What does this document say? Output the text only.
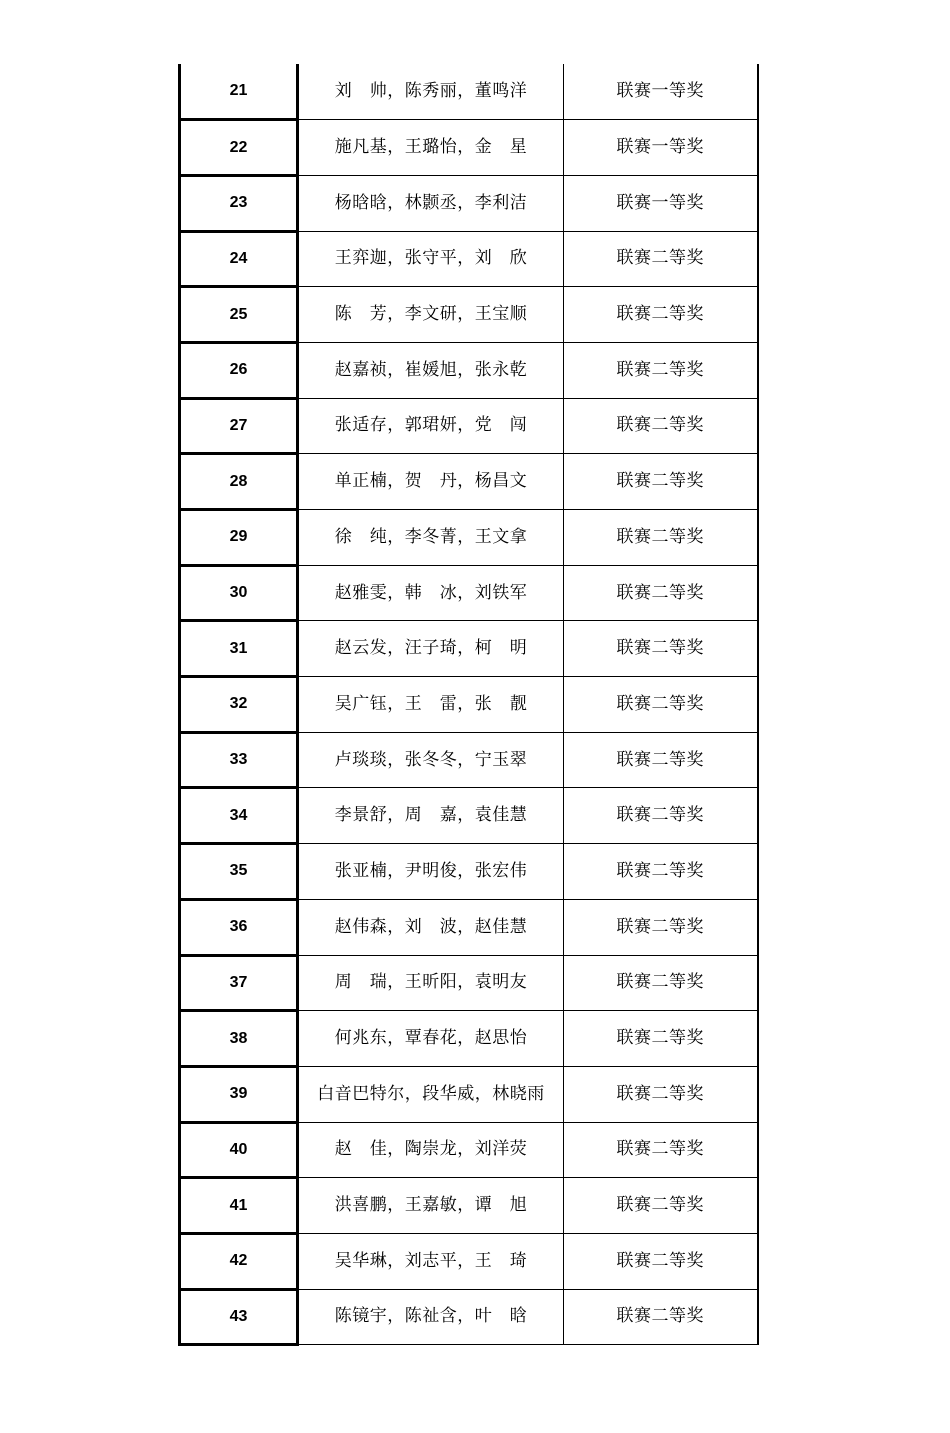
21	刘　帅，陈秀丽，董鸣洋	联赛一等奖
22	施凡基，王璐怡，金　星	联赛一等奖
23	杨晗晗，林颢丞，李利洁	联赛一等奖
24	王弈迦，张守平，刘　欣	联赛二等奖
25	陈　芳，李文研，王宝顺	联赛二等奖
26	赵嘉祯，崔媛旭，张永乾	联赛二等奖
27	张适存，郭珺妍，党　闯	联赛二等奖
28	单正楠，贺　丹，杨昌文	联赛二等奖
29	徐　纯，李冬菁，王文拿	联赛二等奖
30	赵雅雯，韩　冰，刘铁军	联赛二等奖
31	赵云发，汪子琦，柯　明	联赛二等奖
32	吴广钰，王　雷，张　靓	联赛二等奖
33	卢琰琰，张冬冬，宁玉翠	联赛二等奖
34	李景舒，周　嘉，袁佳慧	联赛二等奖
35	张亚楠，尹明俊，张宏伟	联赛二等奖
36	赵伟森，刘　波，赵佳慧	联赛二等奖
37	周　瑞，王昕阳，袁明友	联赛二等奖
38	何兆东，覃春花，赵思怡	联赛二等奖
39	白音巴特尔，段华威，林晓雨	联赛二等奖
40	赵　佳，陶崇龙，刘洋荧	联赛二等奖
41	洪喜鹏，王嘉敏，谭　旭	联赛二等奖
42	吴华琳，刘志平，王　琦	联赛二等奖
43	陈镜宇，陈祉含，叶　晗	联赛二等奖
